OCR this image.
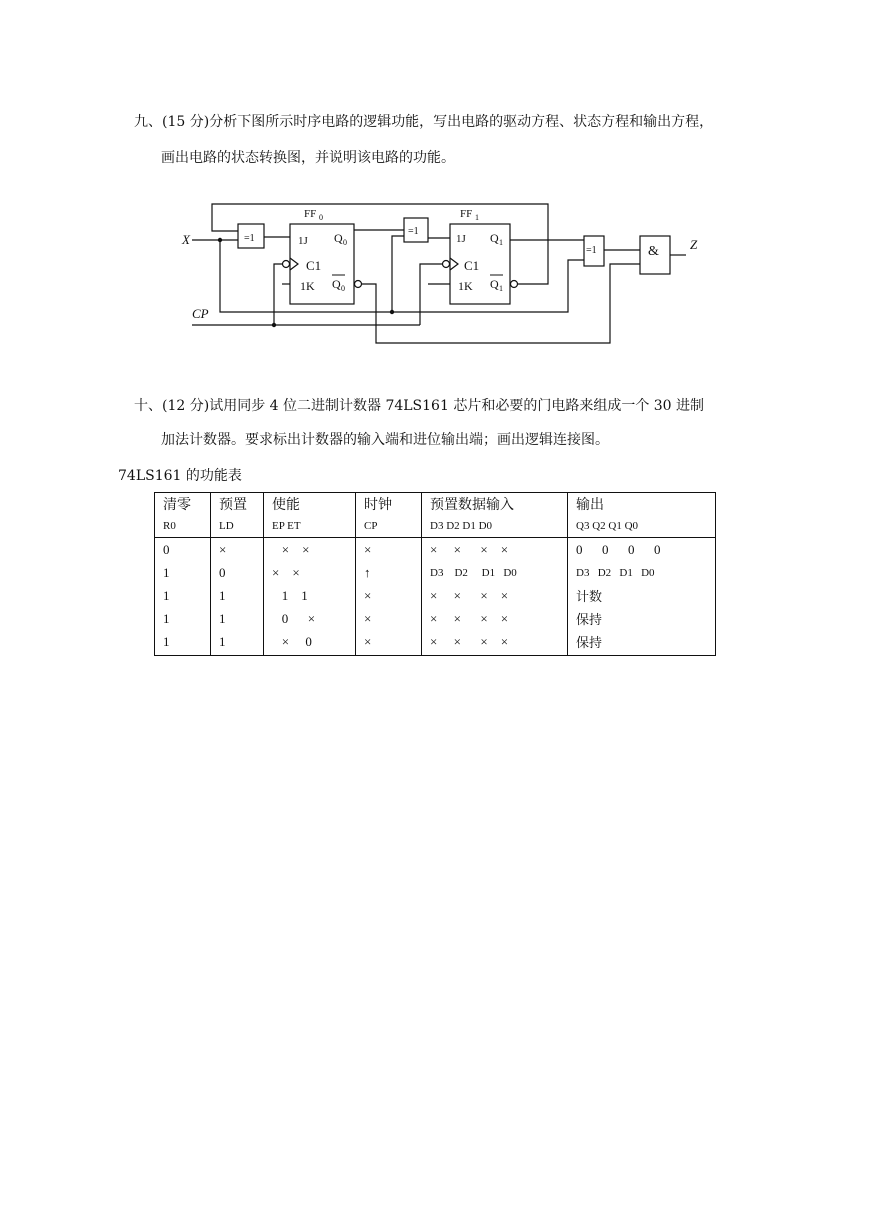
九、(15 分)分析下图所示时序电路的逻辑功能，写出电路的驱动方程、状态方程和输出方程，
画出电路的状态转换图，并说明该电路的功能。
X
CP
Z
=1
=1
=1	&
FF 0
1J Q 0
C1
1K Q 0
FF 1
1J Q 1
C1
1K Q 1
十、(12 分)试用同步 4 位二进制计数器 74LS161 芯片和必要的门电路来组成一个 30 进制
加法计数器。要求标出计数器的输入端和进位输出端；画出逻辑连接图。
74LS161 的功能表
清零	预置	使能	时钟	预置数据输入	输出
R0	LD	EP ET	CP	D3 D2 D1 D0	Q3 Q2 Q1 Q0
0	×	×    ×	×	×     ×      ×    ×	0      0      0      0
1	0	×    ×	↑	D3    D2     D1   D0	D3   D2   D1   D0
1	1	1    1	×	×     ×      ×    ×	计数
1	1	0      ×	×	×     ×      ×    ×	保持
1	1	×     0	×	×     ×      ×    ×	保持
